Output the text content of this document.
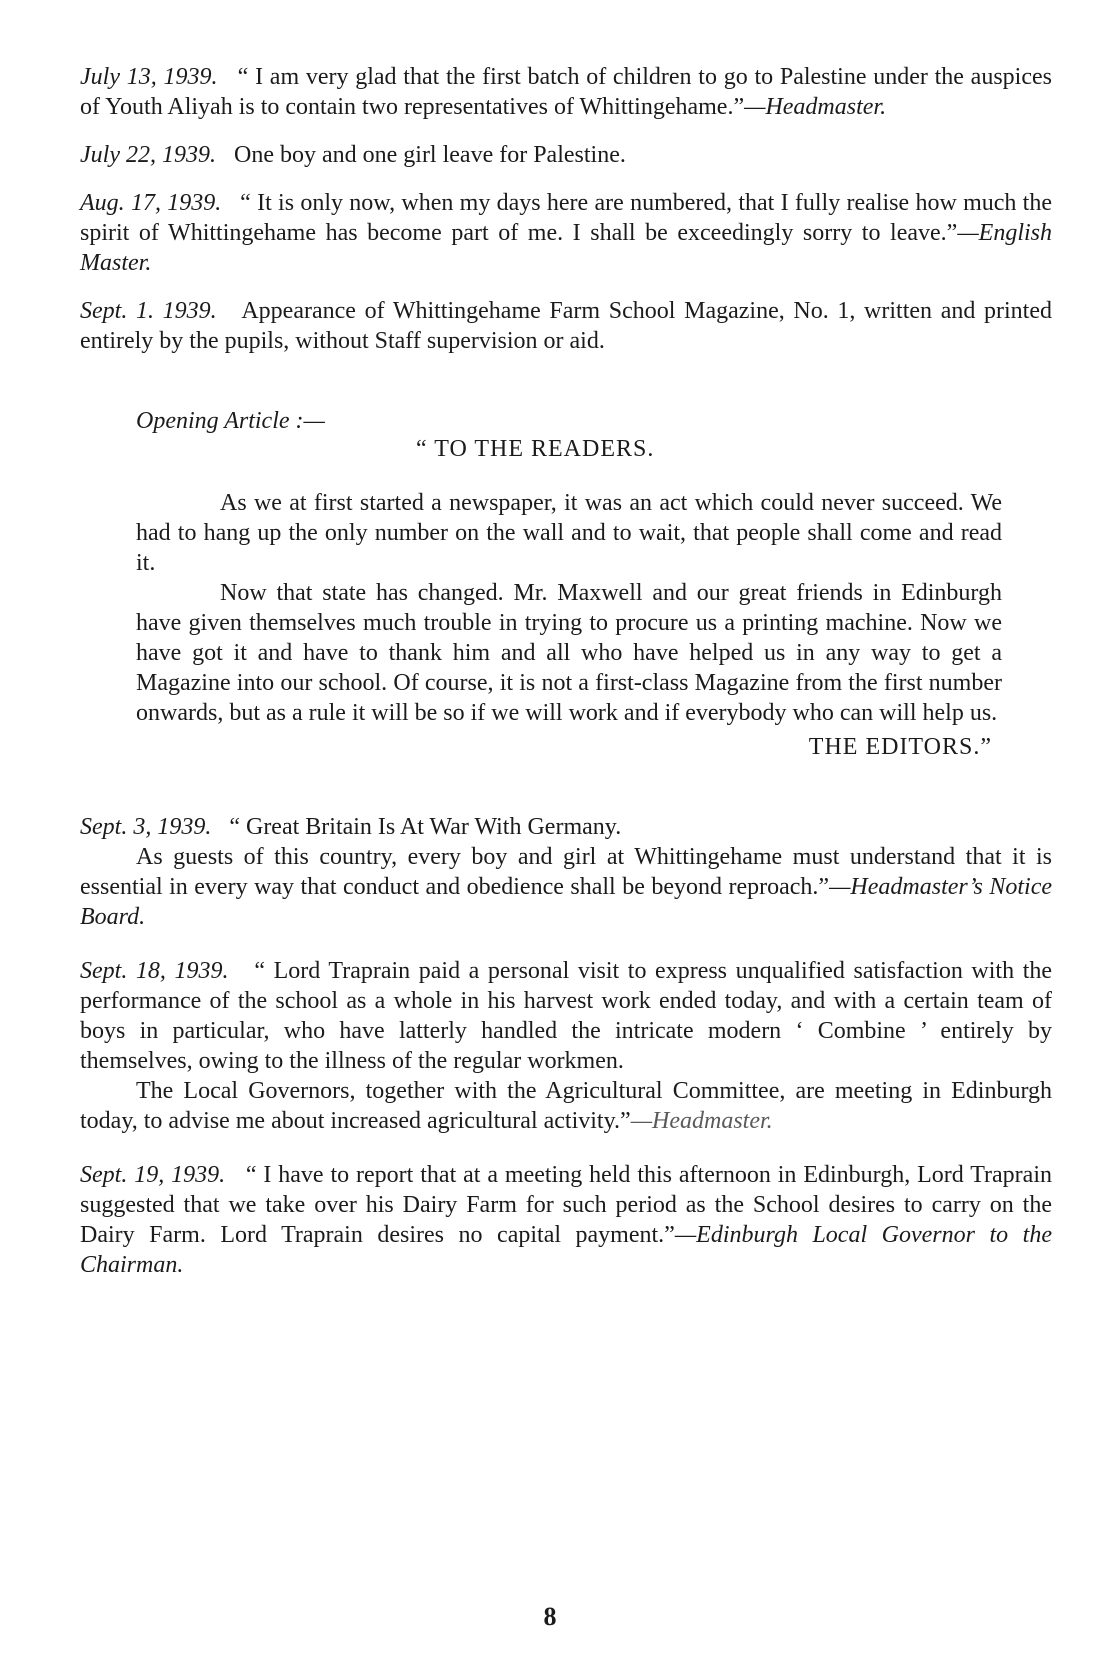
July 13, 1939. “ I am very glad that the first batch of children to go to Palestine under the auspices of Youth Aliyah is to contain two representatives of Whittingehame.”—Headmaster.

July 22, 1939. One boy and one girl leave for Palestine.

Aug. 17, 1939. “ It is only now, when my days here are numbered, that I fully realise how much the spirit of Whittingehame has become part of me. I shall be exceedingly sorry to leave.”—English Master.

Sept. 1. 1939. Appearance of Whittingehame Farm School Magazine, No. 1, written and printed entirely by the pupils, without Staff supervision or aid.

Opening Article :—
“ TO THE READERS.

As we at first started a newspaper, it was an act which could never succeed. We had to hang up the only number on the wall and to wait, that people shall come and read it.

Now that state has changed. Mr. Maxwell and our great friends in Edinburgh have given themselves much trouble in trying to procure us a printing machine. Now we have got it and have to thank him and all who have helped us in any way to get a Magazine into our school. Of course, it is not a first-class Magazine from the first number onwards, but as a rule it will be so if we will work and if everybody who can will help us.

THE EDITORS.”

Sept. 3, 1939. “ Great Britain Is At War With Germany.

As guests of this country, every boy and girl at Whittingehame must understand that it is essential in every way that conduct and obedience shall be beyond reproach.”—Headmaster’s Notice Board.

Sept. 18, 1939. “ Lord Traprain paid a personal visit to express unqualified satisfaction with the performance of the school as a whole in his harvest work ended today, and with a certain team of boys in particular, who have latterly handled the intricate modern ‘ Combine ’ entirely by themselves, owing to the illness of the regular workmen.

The Local Governors, together with the Agricultural Committee, are meeting in Edinburgh today, to advise me about increased agricultural activity.”—Headmaster.

Sept. 19, 1939. “ I have to report that at a meeting held this afternoon in Edinburgh, Lord Traprain suggested that we take over his Dairy Farm for such period as the School desires to carry on the Dairy Farm. Lord Traprain desires no capital payment.”—Edinburgh Local Governor to the Chairman.

8
